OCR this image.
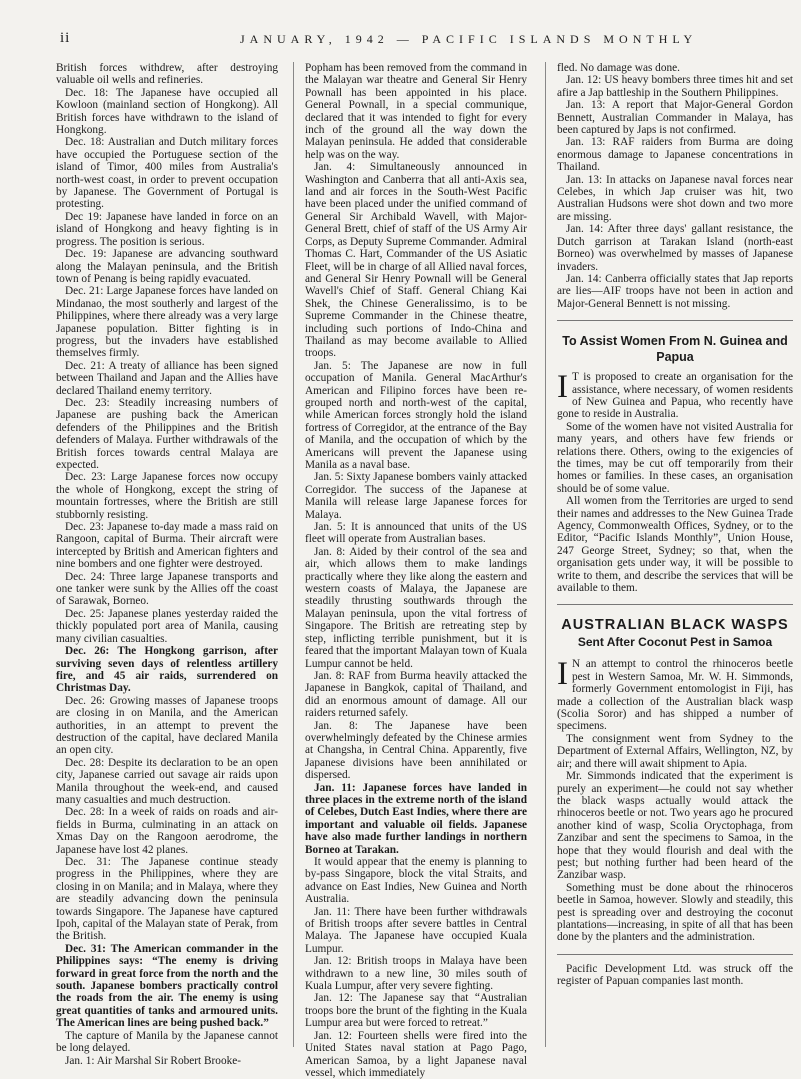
ii	JANUARY, 1942 — PACIFIC ISLANDS MONTHLY

British forces withdrew, after destroying valuable oil wells and refineries.

Dec. 18: The Japanese have occupied all Kowloon (mainland section of Hongkong). All British forces have withdrawn to the island of Hongkong.

Dec. 18: Australian and Dutch military forces have occupied the Portuguese section of the island of Timor, 400 miles from Australia's north-west coast, in order to prevent occupation by Japanese. The Government of Portugal is protesting.

Dec 19: Japanese have landed in force on an island of Hongkong and heavy fighting is in progress. The position is serious.

Dec. 19: Japanese are advancing southward along the Malayan peninsula, and the British town of Penang is being rapidly evacuated.

Dec. 21: Large Japanese forces have landed on Mindanao, the most southerly and largest of the Philippines, where there already was a very large Japanese population. Bitter fighting is in progress, but the invaders have established themselves firmly.

Dec. 21: A treaty of alliance has been signed between Thailand and Japan and the Allies have declared Thailand enemy territory.

Dec. 23: Steadily increasing numbers of Japanese are pushing back the American defenders of the Philippines and the British defenders of Malaya. Further withdrawals of the British forces towards central Malaya are expected.

Dec. 23: Large Japanese forces now occupy the whole of Hongkong, except the string of mountain fortresses, where the British are still stubbornly resisting.

Dec. 23: Japanese to-day made a mass raid on Rangoon, capital of Burma. Their aircraft were intercepted by British and American fighters and nine bombers and one fighter were destroyed.

Dec. 24: Three large Japanese transports and one tanker were sunk by the Allies off the coast of Sarawak, Borneo.

Dec. 25: Japanese planes yesterday raided the thickly populated port area of Manila, causing many civilian casualties.

Dec. 26: The Hongkong garrison, after surviving seven days of relentless artillery fire, and 45 air raids, surrendered on Christmas Day.

Dec. 26: Growing masses of Japanese troops are closing in on Manila, and the American authorities, in an attempt to prevent the destruction of the capital, have declared Manila an open city.

Dec. 28: Despite its declaration to be an open city, Japanese carried out savage air raids upon Manila throughout the week-end, and caused many casualties and much destruction.

Dec. 28: In a week of raids on roads and air-fields in Burma, culminating in an attack on Xmas Day on the Rangoon aerodrome, the Japanese have lost 42 planes.

Dec. 31: The Japanese continue steady progress in the Philippines, where they are closing in on Manila; and in Malaya, where they are steadily advancing down the peninsula towards Singapore. The Japanese have captured Ipoh, capital of the Malayan state of Perak, from the British.

Dec. 31: The American commander in the Philippines says: “The enemy is driving forward in great force from the north and the south. Japanese bombers practically control the roads from the air. The enemy is using great quantities of tanks and armoured units. The American lines are being pushed back.”

The capture of Manila by the Japanese cannot be long delayed.

Jan. 1: Air Marshal Sir Robert Brooke-

Popham has been removed from the command in the Malayan war theatre and General Sir Henry Pownall has been appointed in his place. General Pownall, in a special communique, declared that it was intended to fight for every inch of the ground all the way down the Malayan peninsula. He added that considerable help was on the way.

Jan. 4: Simultaneously announced in Washington and Canberra that all anti-Axis sea, land and air forces in the South-West Pacific have been placed under the unified command of General Sir Archibald Wavell, with Major-General Brett, chief of staff of the US Army Air Corps, as Deputy Supreme Commander. Admiral Thomas C. Hart, Commander of the US Asiatic Fleet, will be in charge of all Allied naval forces, and General Sir Henry Pownall will be General Wavell's Chief of Staff. General Chiang Kai Shek, the Chinese Generalissimo, is to be Supreme Commander in the Chinese theatre, including such portions of Indo-China and Thailand as may become available to Allied troops.

Jan. 5: The Japanese are now in full occupation of Manila. General MacArthur's American and Filipino forces have been re-grouped north and north-west of the capital, while American forces strongly hold the island fortress of Corregidor, at the entrance of the Bay of Manila, and the occupation of which by the Americans will prevent the Japanese using Manila as a naval base.

Jan. 5: Sixty Japanese bombers vainly attacked Corregidor. The success of the Japanese at Manila will release large Japanese forces for Malaya.

Jan. 5: It is announced that units of the US fleet will operate from Australian bases.

Jan. 8: Aided by their control of the sea and air, which allows them to make landings practically where they like along the eastern and western coasts of Malaya, the Japanese are steadily thrusting southwards through the Malayan peninsula, upon the vital fortress of Singapore. The British are retreating step by step, inflicting terrible punishment, but it is feared that the important Malayan town of Kuala Lumpur cannot be held.

Jan. 8: RAF from Burma heavily attacked the Japanese in Bangkok, capital of Thailand, and did an enormous amount of damage. All our raiders returned safely.

Jan. 8: The Japanese have been overwhelmingly defeated by the Chinese armies at Changsha, in Central China. Apparently, five Japanese divisions have been annihilated or dispersed.

Jan. 11: Japanese forces have landed in three places in the extreme north of the island of Celebes, Dutch East Indies, where there are important and valuable oil fields. Japanese have also made further landings in northern Borneo at Tarakan.

It would appear that the enemy is planning to by-pass Singapore, block the vital Straits, and advance on East Indies, New Guinea and North Australia.

Jan. 11: There have been further withdrawals of British troops after severe battles in Central Malaya. The Japanese have occupied Kuala Lumpur.

Jan. 12: British troops in Malaya have been withdrawn to a new line, 30 miles south of Kuala Lumpur, after very severe fighting.

Jan. 12: The Japanese say that “Australian troops bore the brunt of the fighting in the Kuala Lumpur area but were forced to retreat.”

Jan. 12: Fourteen shells were fired into the United States naval station at Pago Pago, American Samoa, by a light Japanese naval vessel, which immediately

fled. No damage was done.

Jan. 12: US heavy bombers three times hit and set afire a Jap battleship in the Southern Philippines.

Jan. 13: A report that Major-General Gordon Bennett, Australian Commander in Malaya, has been captured by Japs is not confirmed.

Jan. 13: RAF raiders from Burma are doing enormous damage to Japanese concentrations in Thailand.

Jan. 13: In attacks on Japanese naval forces near Celebes, in which Jap cruiser was hit, two Australian Hudsons were shot down and two more are missing.

Jan. 14: After three days' gallant resistance, the Dutch garrison at Tarakan Island (north-east Borneo) was overwhelmed by masses of Japanese invaders.

Jan. 14: Canberra officially states that Jap reports are lies—AIF troops have not been in action and Major-General Bennett is not missing.

To Assist Women From N. Guinea and Papua

I T is proposed to create an organisation for the assistance, where necessary, of women residents of New Guinea and Papua, who recently have gone to reside in Australia.

Some of the women have not visited Australia for many years, and others have few friends or relations there. Others, owing to the exigencies of the times, may be cut off temporarily from their homes or families. In these cases, an organisation should be of some value.

All women from the Territories are urged to send their names and addresses to the New Guinea Trade Agency, Commonwealth Offices, Sydney, or to the Editor, “Pacific Islands Monthly”, Union House, 247 George Street, Sydney; so that, when the organisation gets under way, it will be possible to write to them, and describe the services that will be available to them.

AUSTRALIAN BLACK WASPS
Sent After Coconut Pest in Samoa

I N an attempt to control the rhinoceros beetle pest in Western Samoa, Mr. W. H. Simmonds, formerly Government entomologist in Fiji, has made a collection of the Australian black wasp (Scolia Soror) and has shipped a number of specimens.

The consignment went from Sydney to the Department of External Affairs, Wellington, NZ, by air; and there will await shipment to Apia.

Mr. Simmonds indicated that the experiment is purely an experiment—he could not say whether the black wasps actually would attack the rhinoceros beetle or not. Two years ago he procured another kind of wasp, Scolia Oryctophaga, from Zanzibar and sent the specimens to Samoa, in the hope that they would flourish and deal with the pest; but nothing further had been heard of the Zanzibar wasp.

Something must be done about the rhinoceros beetle in Samoa, however. Slowly and steadily, this pest is spreading over and destroying the coconut plantations—increasing, in spite of all that has been done by the planters and the administration.

Pacific Development Ltd. was struck off the register of Papuan companies last month.
